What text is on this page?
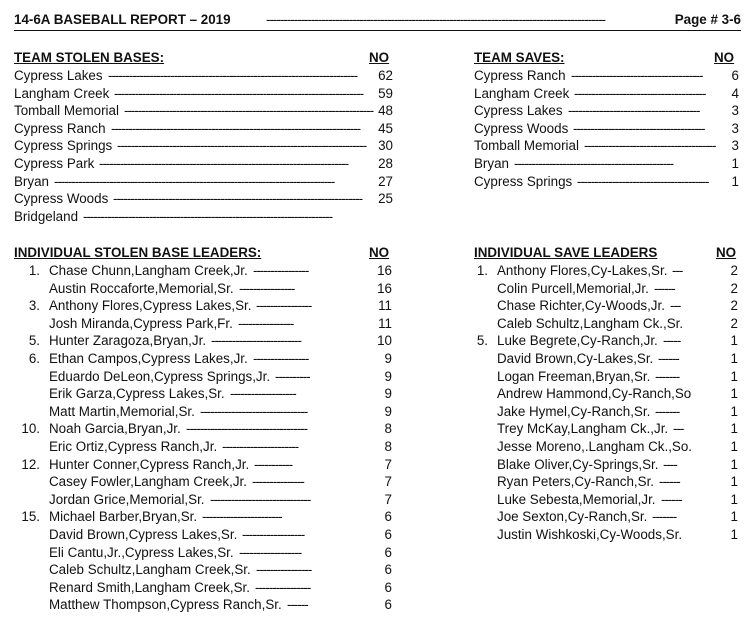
14-6A BASEBALL REPORT – 2019	--------------------------------------------------------------------------------------------------	Page # 3-6
TEAM STOLEN BASES:	NO	TEAM SAVES:	NO
INDIVIDUAL STOLEN BASE LEADERS:	NO	INDIVIDUAL SAVE LEADERS	NO
Cypress Lakes ------------------------------------------------------------------------	62
Langham Creek ------------------------------------------------------------------------	59
Tomball Memorial ------------------------------------------------------------------------ 48
Cypress Ranch ------------------------------------------------------------------------	45
Cypress Springs ------------------------------------------------------------------------ 30
Cypress Park ------------------------------------------------------------------------	28
Bryan ---------------------------------------------------------------------------------	27
Cypress Woods ------------------------------------------------------------------------	25
Bridgeland ------------------------------------------------------------------------
Cypress Ranch --------------------------------------	6
Langham Creek --------------------------------------	4
Cypress Lakes --------------------------------------	3
Cypress Woods --------------------------------------	3
Tomball Memorial --------------------------------------	3
Bryan ----------------------------------------------	1
Cypress Springs --------------------------------------	1
1. Chase Chunn,Langham Creek,Jr. ----------------	16
Austin Roccaforte,Memorial,Sr. ----------------	16
3. Anthony Flores,Cypress Lakes,Sr. ----------------	11
Josh Miranda,Cypress Park,Fr. ----------------	11
5. Hunter Zaragoza,Bryan,Jr. --------------------------	10
6. Ethan Campos,Cypress Lakes,Jr. ----------------	9
Eduardo DeLeon,Cypress Springs,Jr. ----------	9
Erik Garza,Cypress Lakes,Sr. -------------------	9
Matt Martin,Memorial,Sr. -------------------------------	9
10. Noah Garcia,Bryan,Jr. -----------------------------------	8
Eric Ortiz,Cypress Ranch,Jr. ----------------------	8
12. Hunter Conner,Cypress Ranch,Jr. -----------	7
Casey Fowler,Langham Creek,Jr. ---------------	7
Jordan Grice,Memorial,Sr. -----------------------------	7
15. Michael Barber,Bryan,Sr. -----------------------	6
David Brown,Cypress Lakes,Sr. ------------------	6
Eli Cantu,Jr.,Cypress Lakes,Sr. ------------------	6
Caleb Schultz,Langham Creek,Sr. ----------------	6
Renard Smith,Langham Creek,Sr. ----------------	6
Matthew Thompson,Cypress Ranch,Sr. ------	6
1. Anthony Flores,Cy-Lakes,Sr. ---	2
Colin Purcell,Memorial,Jr. ------	2
Chase Richter,Cy-Woods,Jr. ---	2
Caleb Schultz,Langham Ck.,Sr.	2
5. Luke Begrete,Cy-Ranch,Jr. -----	1
David Brown,Cy-Lakes,Sr. ------	1
Logan Freeman,Bryan,Sr. -------	1
Andrew Hammond,Cy-Ranch,So	1
Jake Hymel,Cy-Ranch,Sr. -------	1
Trey McKay,Langham Ck.,Jr. ---	1
Jesse Moreno,.Langham Ck.,So.	1
Blake Oliver,Cy-Springs,Sr. ----	1
Ryan Peters,Cy-Ranch,Sr. ------	1
Luke Sebesta,Memorial,Jr. ------	1
Joe Sexton,Cy-Ranch,Sr. -------	1
Justin Wishkoski,Cy-Woods,Sr.	1
